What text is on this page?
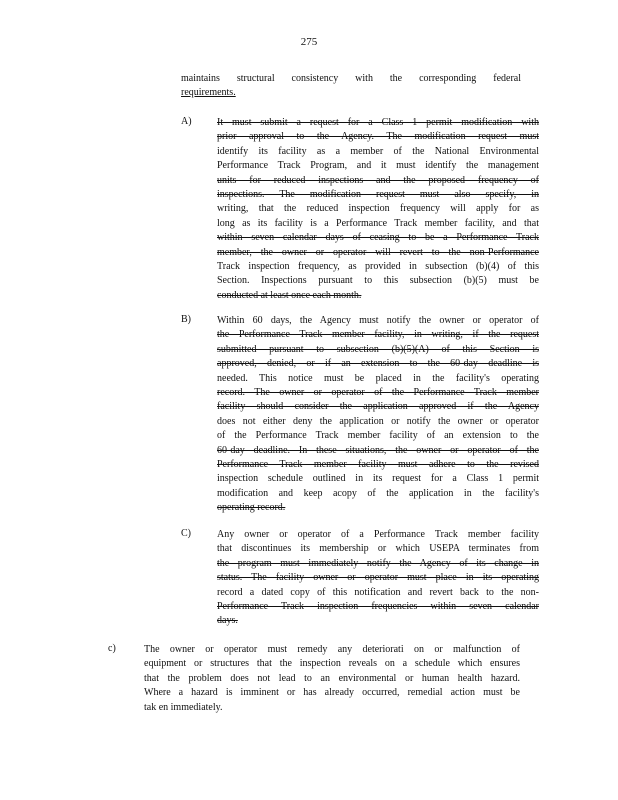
275
maintains structural consistency with the corresponding federal
requirements.
A)	It must submit a request for a Class 1 permit modification with
prior approval to the Agency. The modification request must
identify its facility as a member of the National Environmental
Performance Track Program, and it must identify the management
units for reduced inspections and the proposed frequency of
inspections. The modification request must also specify, in
writing, that the reduced inspection frequency will apply for as
long as its facility is a Performance Track member facility, and that
within seven calendar days of ceasing to be a Performance Track
member, the owner or operator will revert to the non-Performance
Track inspection frequency, as provided in subsection (b)(4) of this
Section. Inspections pursuant to this subsection (b)(5) must be
conducted at least once each month.
B)	Within 60 days, the Agency must notify the owner or operator of
the Performance Track member facility, in writing, if the request
submitted pursuant to subsection (b)(5)(A) of this Section is
approved, denied, or if an extension to the 60-day deadline is
needed. This notice must be placed in the facility's operating
record. The owner or operator of the Performance Track member
facility should consider the application approved if the Agency
does not either deny the application or notify the owner or operator
of the Performance Track member facility of an extension to the
60-day deadline. In these situations, the owner or operator of the
Performance Track member facility must adhere to the revised
inspection schedule outlined in its request for a Class 1 permit
modification and keep acopy of the application in the facility's
operating record.
C)	Any owner or operator of a Performance Track member facility
that discontinues its membership or which USEPA terminates from
the program must immediately notify the Agency of its change in
status. The facility owner or operator must place in its operating
record a dated copy of this notification and revert back to the non-
Performance Track inspection frequencies within seven calendar
days.
c)	The owner or operator must remedy any deteriorati on or malfunction of
equipment or structures that the inspection reveals on a schedule which ensures
that the problem does not lead to an environmental or human health hazard.
Where a hazard is imminent or has already occurred, remedial action must be
tak en immediately.
